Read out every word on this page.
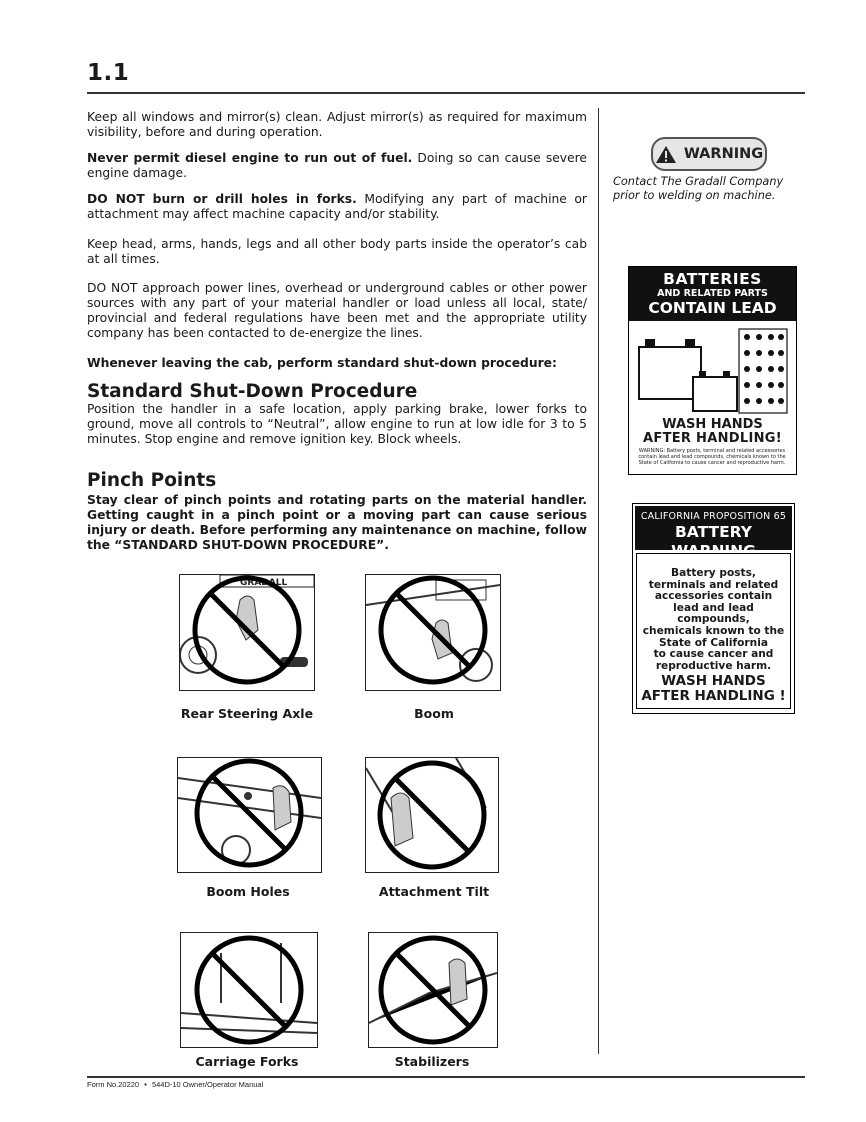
1.1

Keep all windows and mirror(s) clean. Adjust mirror(s) as required for maximum visibility, before and during operation.

Never permit diesel engine to run out of fuel. Doing so can cause severe engine damage.

DO NOT burn or drill holes in forks. Modifying any part of machine or attachment may affect machine capacity and/or stability.

Keep head, arms, hands, legs and all other body parts inside the operator’s cab at all times.

DO NOT approach power lines, overhead or underground cables or other power sources with any part of your material handler or load unless all local, state/ provincial and federal regulations have been met and the appropriate utility company has been contacted to de-energize the lines.

Whenever leaving the cab, perform standard shut-down procedure:

Standard Shut-Down Procedure

Position the handler in a safe location, apply parking brake, lower forks to ground, move all controls to “Neutral”, allow engine to run at low idle for 3 to 5 minutes. Stop engine and remove ignition key. Block wheels.

Pinch Points

Stay clear of pinch points and rotating parts on the material handler. Getting caught in a pinch point or a moving part can cause serious injury or death. Before performing any maintenance on machine, follow the “STANDARD SHUT-DOWN PROCEDURE”.

GRADALL
Rear Steering Axle	Boom
Boom Holes	Attachment Tilt
Carriage Forks	Stabilizers
WARNING
Contact The Gradall Company prior to welding on machine.
BATTERIES
AND RELATED PARTS
CONTAIN LEAD
WASH HANDS
AFTER HANDLING!
WARNING: Battery posts, terminal and related accessories contain lead and lead compounds, chemicals known to the State of California to cause cancer and reproductive harm.
CALIFORNIA PROPOSITION 65
BATTERY WARNING
Battery posts,
terminals and related
accessories contain
lead and lead compounds,
chemicals known to the
State of California
to cause cancer and
reproductive harm.
WASH HANDS
AFTER HANDLING !
Form No.20220 • 544D-10 Owner/Operator Manual
